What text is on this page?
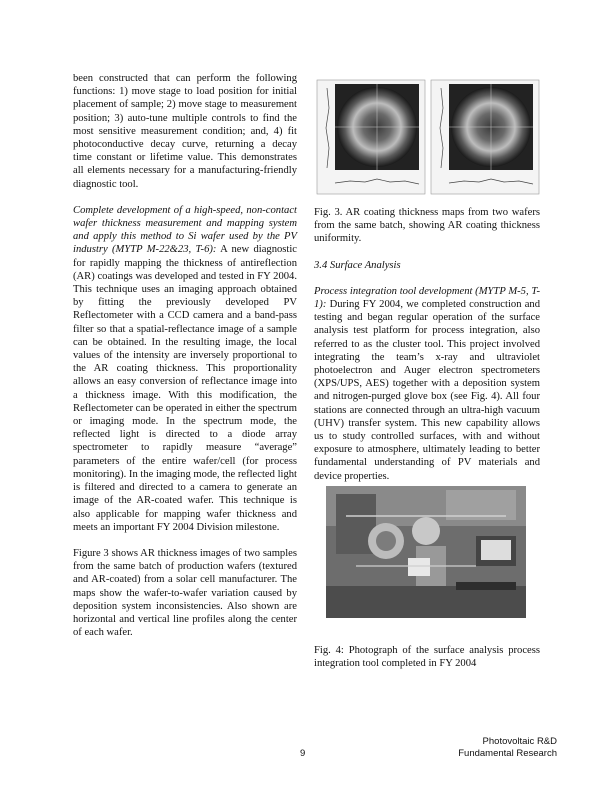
been constructed that can perform the following functions: 1) move stage to load position for initial placement of sample; 2) move stage to measurement position; 3) auto-tune multiple controls to find the most sensitive measurement condition; and, 4) fit photoconductive decay curve, returning a decay time constant or lifetime value. This demonstrates all elements necessary for a manufacturing-friendly diagnostic tool.

Complete development of a high-speed, non-contact wafer thickness measurement and mapping system and apply this method to Si wafer used by the PV industry (MYTP M-22&23, T-6): A new diagnostic for rapidly mapping the thickness of antireflection (AR) coatings was developed and tested in FY 2004. This technique uses an imaging approach obtained by fitting the previously developed PV Reflectometer with a CCD camera and a band-pass filter so that a spatial-reflectance image of a sample can be obtained. In the resulting image, the local values of the intensity are inversely proportional to the AR coating thickness. This proportionality allows an easy conversion of reflectance image into a thickness image. With this modification, the Reflectometer can be operated in either the spectrum or imaging mode. In the spectrum mode, the reflected light is directed to a diode array spectrometer to rapidly measure “average” parameters of the entire wafer/cell (for process monitoring). In the imaging mode, the reflected light is filtered and directed to a camera to generate an image of the AR-coated wafer. This technique is also applicable for mapping wafer thickness and meets an important FY 2004 Division milestone.

Figure 3 shows AR thickness images of two samples from the same batch of production wafers (textured and AR-coated) from a solar cell manufacturer. The maps show the wafer-to-wafer variation caused by deposition system inconsistencies. Also shown are horizontal and vertical line profiles along the center of each wafer.

Fig. 3. AR coating thickness maps from two wafers from the same batch, showing AR coating thickness uniformity.

3.4 Surface Analysis

Process integration tool development (MYTP M-5, T-1): During FY 2004, we completed construction and testing and began regular operation of the surface analysis test platform for process integration, also referred to as the cluster tool. This project involved integrating the team’s x-ray and ultraviolet photoelectron and Auger electron spectrometers (XPS/UPS, AES) together with a deposition system and nitrogen-purged glove box (see Fig. 4). All four stations are connected through an ultra-high vacuum (UHV) transfer system. This new capability allows us to study controlled surfaces, with and without exposure to atmosphere, ultimately leading to better fundamental understanding of PV materials and device properties.

Fig. 4: Photograph of the surface analysis process integration tool completed in FY 2004

9
Photovoltaic R&D
Fundamental Research
